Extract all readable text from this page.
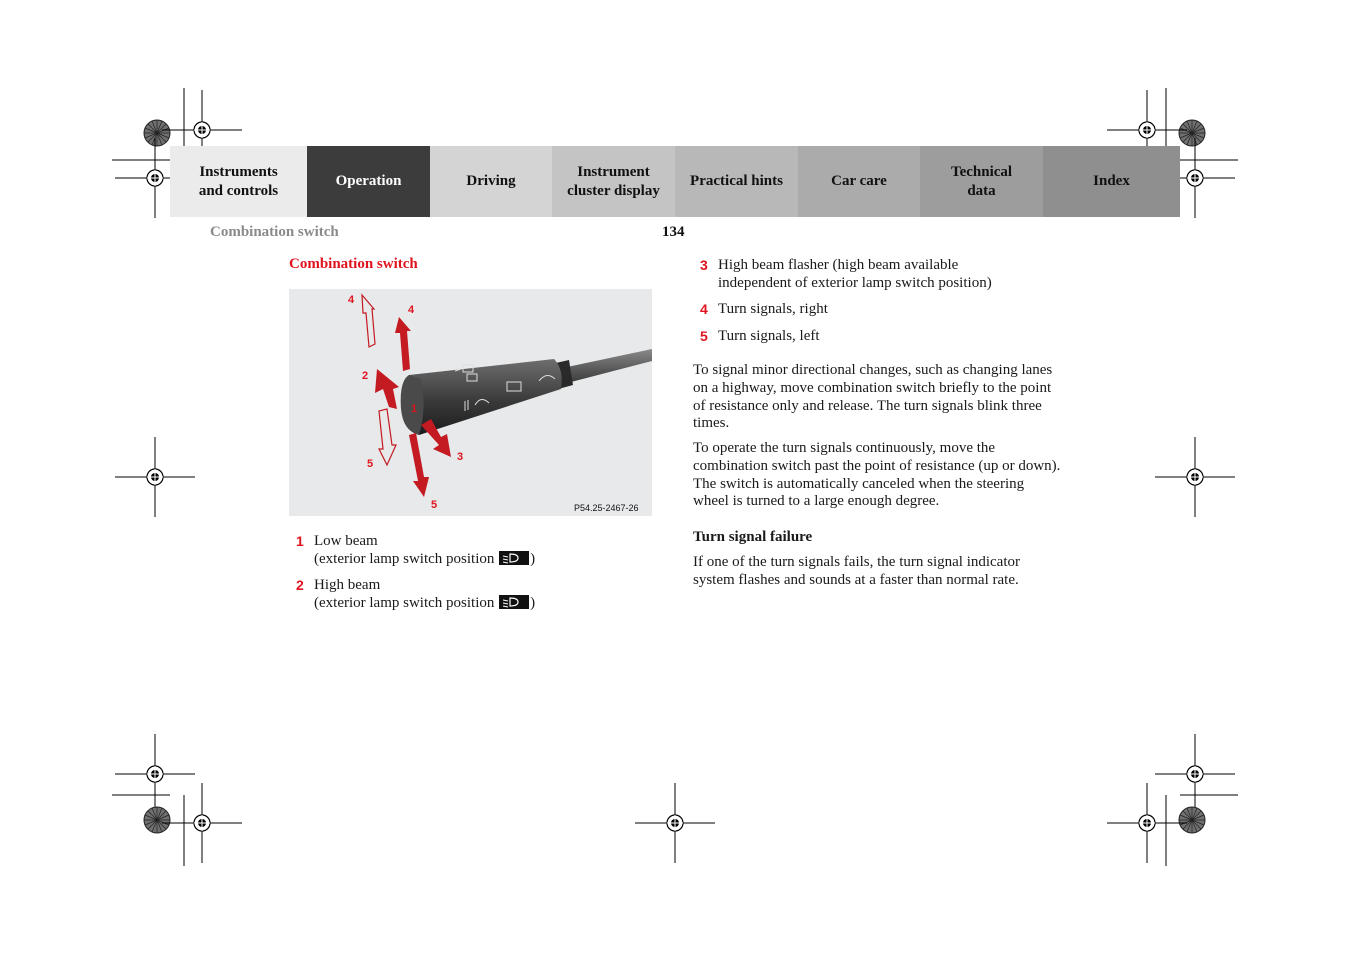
Instruments
and controls
Operation	Driving
Instrument
cluster display
Practical hints	Car care
Technical
data
Index
Combination switch	134
Combination switch
4
4
2
1
5
3
5	P54.25-2467-26
1 Low beam
(exterior lamp switch position )
2 High beam
(exterior lamp switch position )
3 High beam flasher (high beam available
independent of exterior lamp switch position)
4 Turn signals, right
5 Turn signals, left
To signal minor directional changes, such as changing lanes on a highway, move combination switch briefly to the point of resistance only and release. The turn signals blink three times.
To operate the turn signals continuously, move the combination switch past the point of resistance (up or down). The switch is automatically canceled when the steering wheel is turned to a large enough degree.
Turn signal failure
If one of the turn signals fails, the turn signal indicator system flashes and sounds at a faster than normal rate.
